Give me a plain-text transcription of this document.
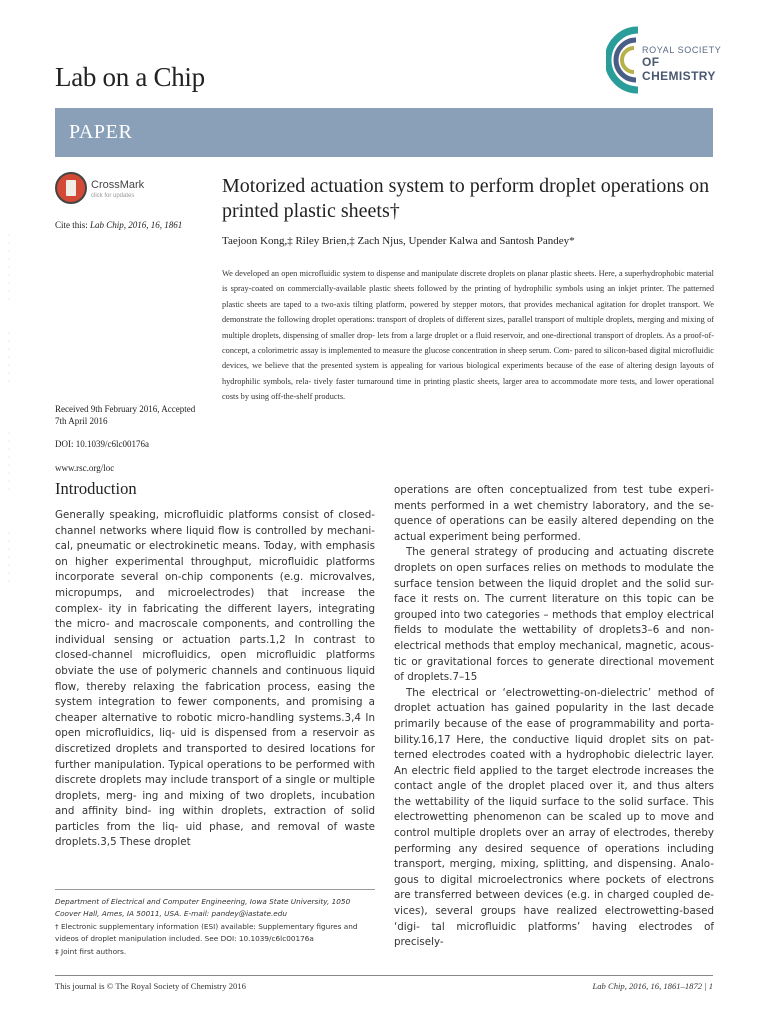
Lab on a Chip
ROYAL SOCIETY
OF CHEMISTRY
PAPER
·
·
·
·
·
·
·
·
·
·
·
·
·
·
·
·
·
·
·
·
·
·
·
·
·
·
·
·
·
·
·
CrossMark
click for updates
Cite this: Lab Chip, 2016, 16, 1861
Received 9th February 2016, Accepted 7th April 2016
DOI: 10.1039/c6lc00176a
www.rsc.org/loc
Motorized actuation system to perform droplet operations on printed plastic sheets†
Taejoon Kong,‡ Riley Brien,‡ Zach Njus, Upender Kalwa and Santosh Pandey*
We developed an open microfluidic system to dispense and manipulate discrete droplets on planar plastic sheets. Here, a superhydrophobic material is spray-coated on commercially-available plastic sheets followed by the printing of hydrophilic symbols using an inkjet printer. The patterned plastic sheets are taped to a two-axis tilting platform, powered by stepper motors, that provides mechanical agitation for droplet transport. We demonstrate the following droplet operations: transport of droplets of different sizes, parallel transport of multiple droplets, merging and mixing of multiple droplets, dispensing of smaller drop- lets from a large droplet or a fluid reservoir, and one-directional transport of droplets. As a proof-of-concept, a colorimetric assay is implemented to measure the glucose concentration in sheep serum. Com- pared to silicon-based digital microfluidic devices, we believe that the presented system is appealing for various biological experiments because of the ease of altering design layouts of hydrophilic symbols, rela- tively faster turnaround time in printing plastic sheets, larger area to accommodate more tests, and lower operational costs by using off-the-shelf products.
Introduction

Generally speaking, microfluidic platforms consist of closed- channel networks where liquid flow is controlled by mechani- cal, pneumatic or electrokinetic means. Today, with emphasis on higher experimental throughput, microfluidic platforms incorporate several on-chip components (e.g. microvalves, micropumps, and microelectrodes) that increase the complex- ity in fabricating the different layers, integrating the micro- and macroscale components, and controlling the individual sensing or actuation parts.1,2 In contrast to closed-channel microfluidics, open microfluidic platforms obviate the use of polymeric channels and continuous liquid flow, thereby relaxing the fabrication process, easing the system integration to fewer components, and promising a cheaper alternative to robotic micro-handling systems.3,4 In open microfluidics, liq- uid is dispensed from a reservoir as discretized droplets and transported to desired locations for further manipulation. Typical operations to be performed with discrete droplets may include transport of a single or multiple droplets, merg- ing and mixing of two droplets, incubation and affinity bind- ing within droplets, extraction of solid particles from the liq- uid phase, and removal of waste droplets.3,5 These droplet

operations are often conceptualized from test tube experi- ments performed in a wet chemistry laboratory, and the se- quence of operations can be easily altered depending on the actual experiment being performed.

The general strategy of producing and actuating discrete droplets on open surfaces relies on methods to modulate the surface tension between the liquid droplet and the solid sur- face it rests on. The current literature on this topic can be grouped into two categories – methods that employ electrical fields to modulate the wettability of droplets3–6 and non- electrical methods that employ mechanical, magnetic, acous- tic or gravitational forces to generate directional movement of droplets.7–15

The electrical or ‘electrowetting-on-dielectric’ method of droplet actuation has gained popularity in the last decade primarily because of the ease of programmability and porta- bility.16,17 Here, the conductive liquid droplet sits on pat- terned electrodes coated with a hydrophobic dielectric layer. An electric field applied to the target electrode increases the contact angle of the droplet placed over it, and thus alters the wettability of the liquid surface to the solid surface. This electrowetting phenomenon can be scaled up to move and control multiple droplets over an array of electrodes, thereby performing any desired sequence of operations including transport, merging, mixing, splitting, and dispensing. Analo- gous to digital microelectronics where pockets of electrons are transferred between devices (e.g. in charged coupled de- vices), several groups have realized electrowetting-based ‘digi- tal microfluidic platforms’ having electrodes of precisely-

Department of Electrical and Computer Engineering, Iowa State University, 1050 Coover Hall, Ames, IA 50011, USA. E-mail: pandey@iastate.edu
† Electronic supplementary information (ESI) available: Supplementary figures and videos of droplet manipulation included. See DOI: 10.1039/c6lc00176a
‡ Joint first authors.
This journal is © The Royal Society of Chemistry 2016	Lab Chip, 2016, 16, 1861–1872 | 1
